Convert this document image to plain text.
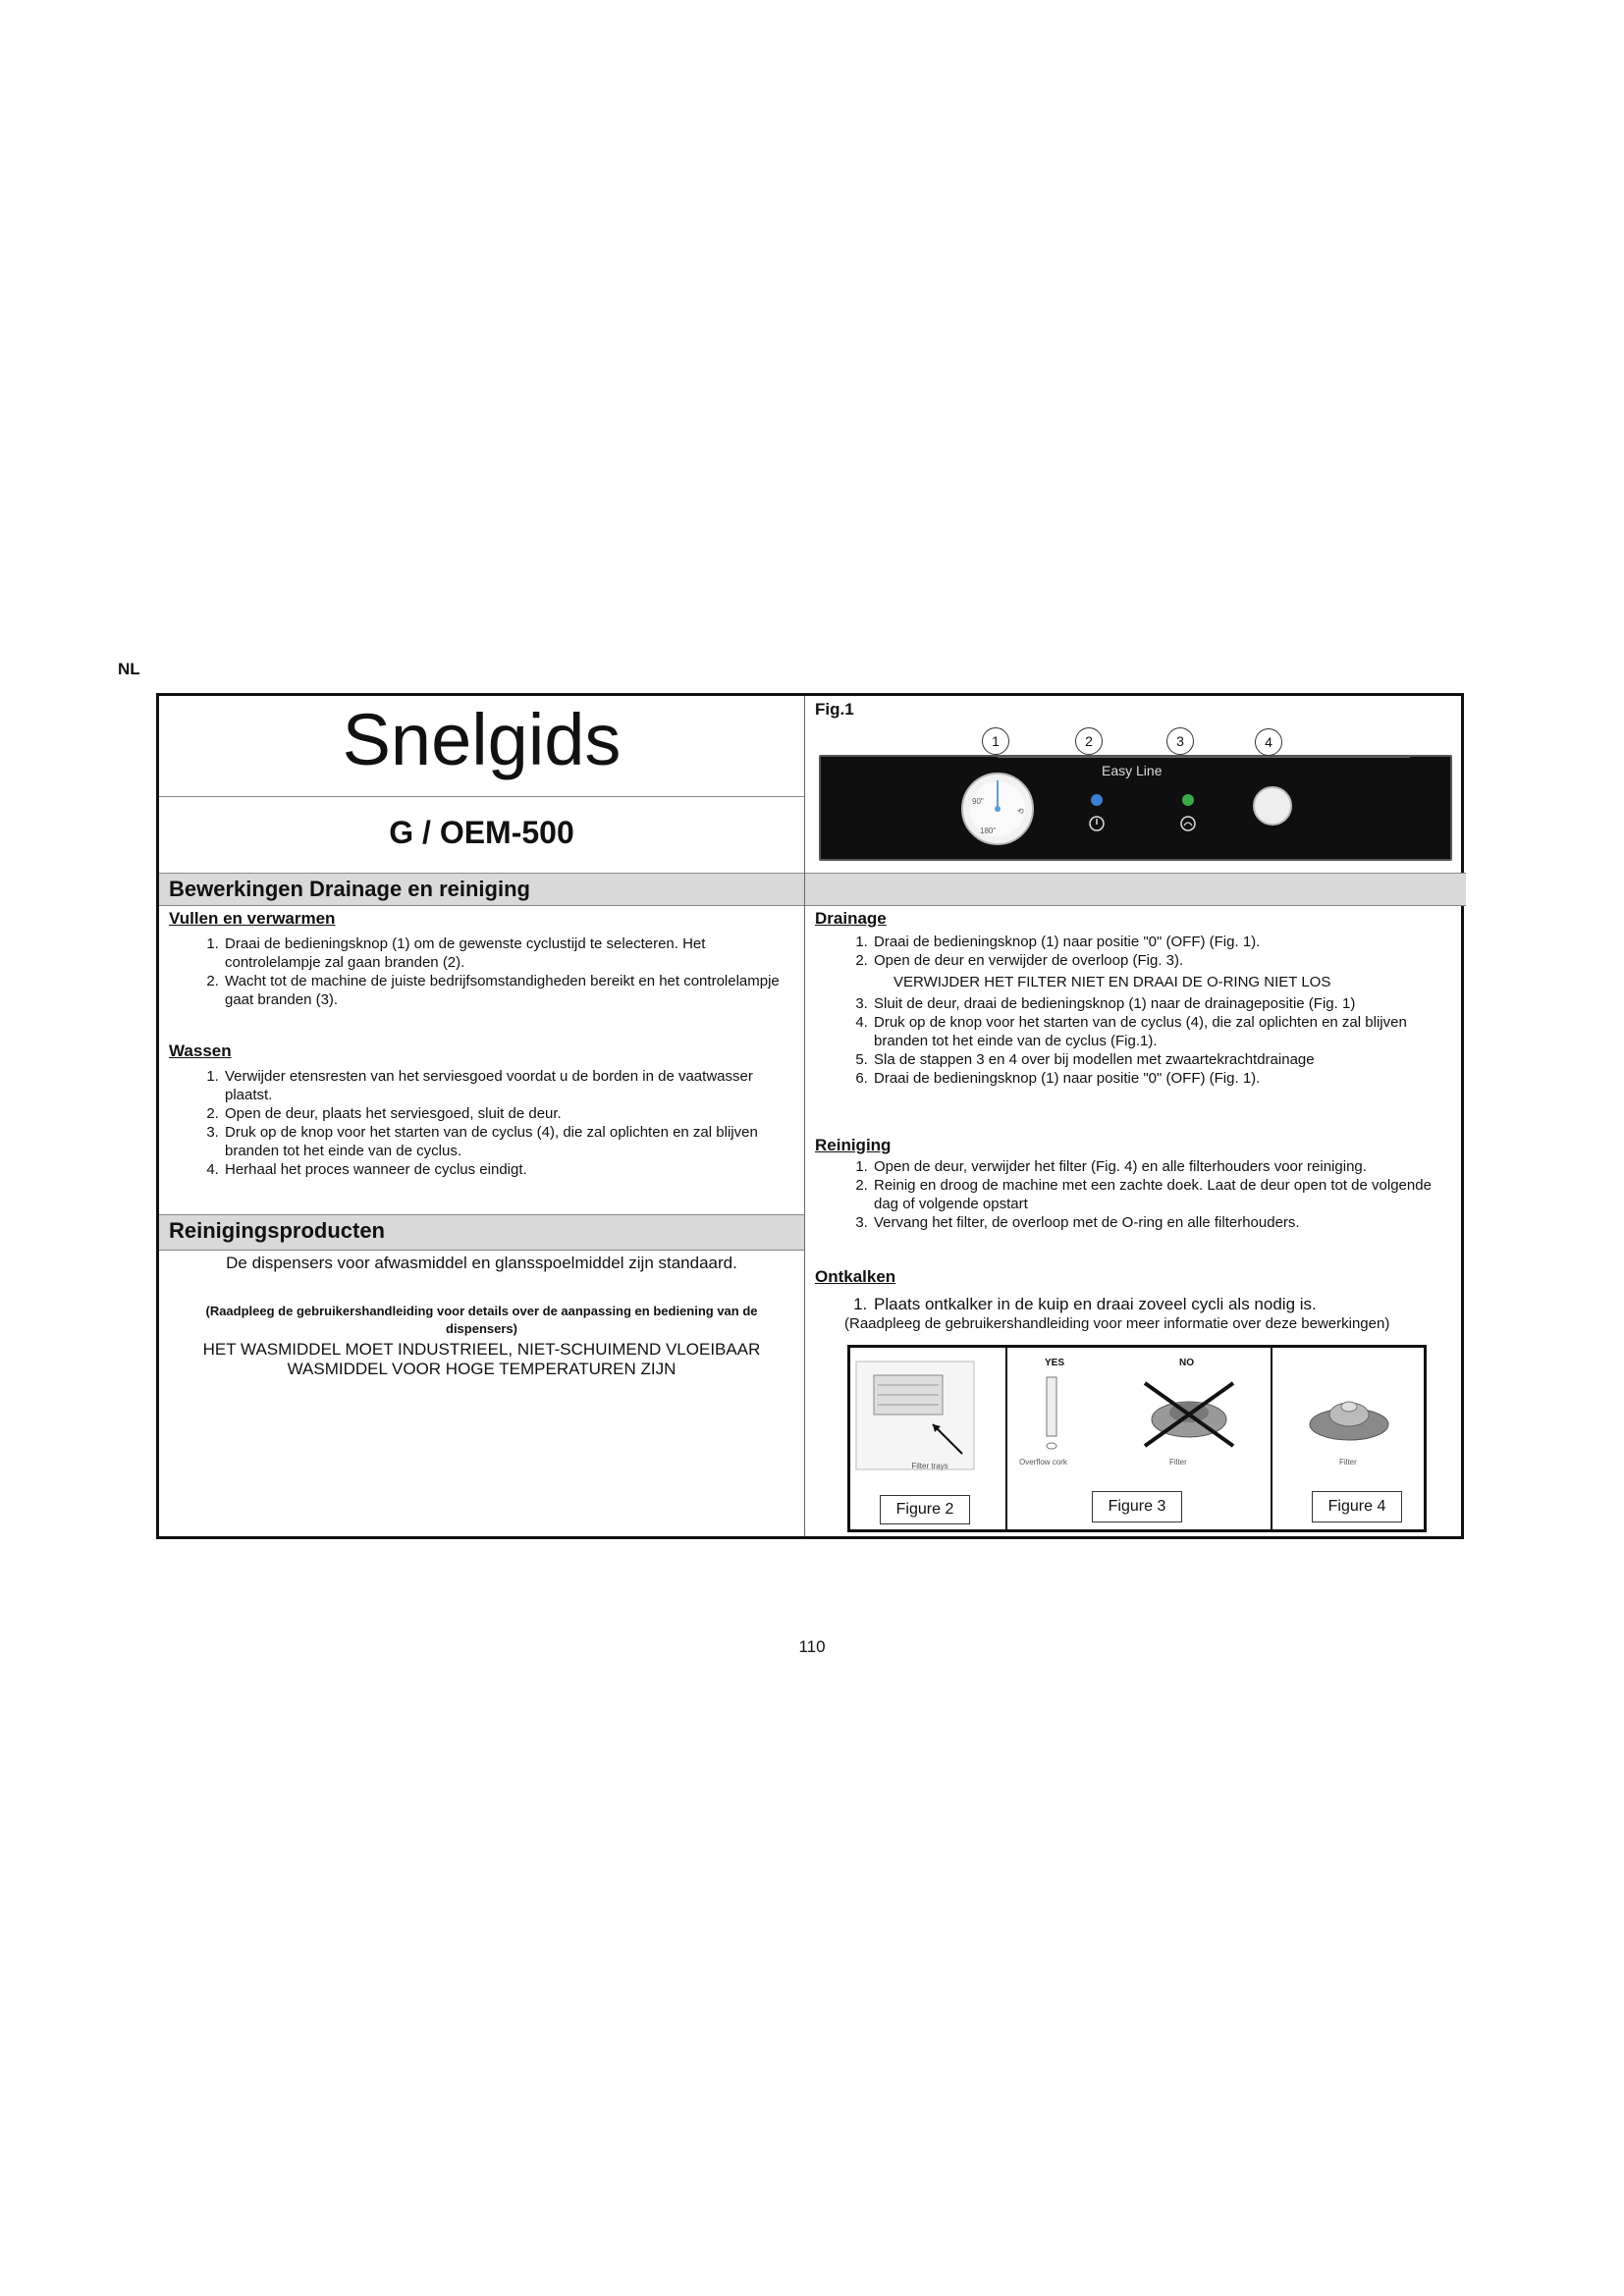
NL
Snelgids
G / OEM-500
Bewerkingen Drainage en reiniging
Vullen en verwarmen
1. Draai de bedieningsknop (1) om de gewenste cyclustijd te selecteren. Het controlelampje zal gaan branden (2).
2. Wacht tot de machine de juiste bedrijfsomstandigheden bereikt en het controlelampje gaat branden (3).
Wassen
1. Verwijder etensresten van het serviesgoed voordat u de borden in de vaatwasser plaatst.
2. Open de deur, plaats het serviesgoed, sluit de deur.
3. Druk op de knop voor het starten van de cyclus (4), die zal oplichten en zal blijven branden tot het einde van de cyclus.
4. Herhaal het proces wanneer de cyclus eindigt.
Reinigingsproducten
De dispensers voor afwasmiddel en glansspoelmiddel zijn standaard.
(Raadpleeg de gebruikershandleiding voor details over de aanpassing en bediening van de dispensers)
HET WASMIDDEL MOET INDUSTRIEEL, NIET-SCHUIMEND VLOEIBAAR WASMIDDEL VOOR HOGE TEMPERATUREN ZIJN
Fig.1
90"
⟲
180"
Easy Line
1	2	3	4
Drainage
1. Draai de bedieningsknop (1) naar positie "0" (OFF) (Fig. 1).
2. Open de deur en verwijder de overloop (Fig. 3).
VERWIJDER HET FILTER NIET EN DRAAI DE O-RING NIET LOS
3. Sluit de deur, draai de bedieningsknop (1) naar de drainagepositie (Fig. 1)
4. Druk op de knop voor het starten van de cyclus (4), die zal oplichten en zal blijven branden tot het einde van de cyclus (Fig.1).
5. Sla de stappen 3 en 4 over bij modellen met zwaartekrachtdrainage
6. Draai de bedieningsknop (1) naar positie "0" (OFF) (Fig. 1).
Reiniging
1. Open de deur, verwijder het filter (Fig. 4) en alle filterhouders voor reiniging.
2. Reinig en droog de machine met een zachte doek. Laat de deur open tot de volgende dag of volgende opstart
3. Vervang het filter, de overloop met de O-ring en alle filterhouders.
Ontkalken
1. Plaats ontkalker in de kuip en draai zoveel cycli als nodig is.
(Raadpleeg de gebruikershandleiding voor meer informatie over deze bewerkingen)
Filter trays
Figure 2
YES	NO
Overflow cork	Filter
Figure 3
Filter
Figure 4
110
